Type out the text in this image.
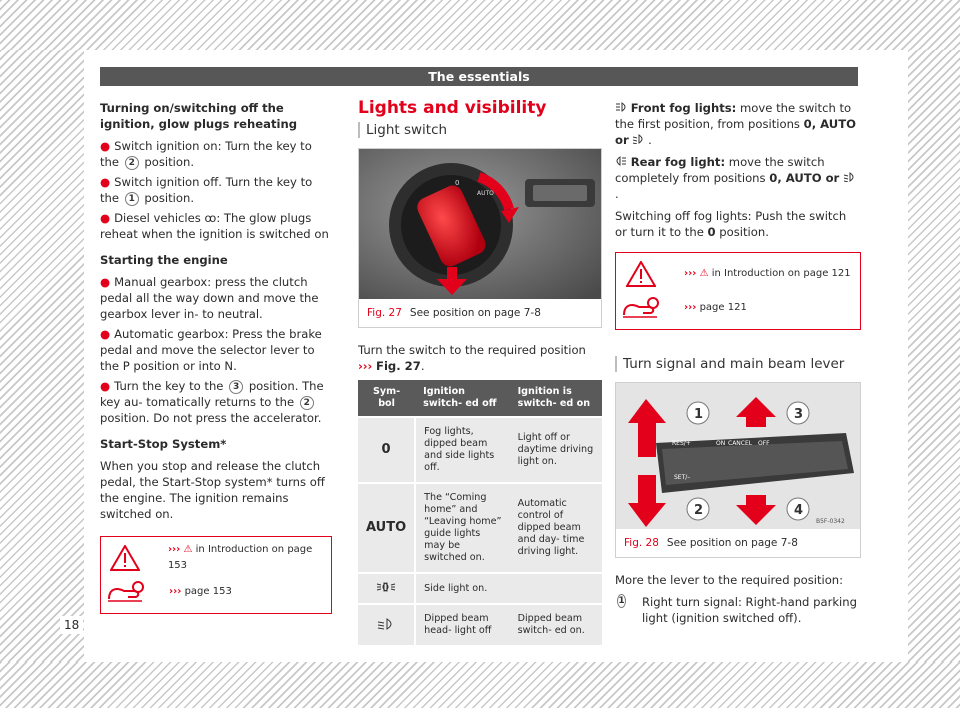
The essentials
18

Turning on/switching off the ignition, glow plugs reheating

● Switch ignition on: Turn the key to the 2 position.
● Switch ignition off. Turn the key to the 1 position.
● Diesel vehicles ꝏ: The glow plugs reheat when the ignition is switched on

Starting the engine

● Manual gearbox: press the clutch pedal all the way down and move the gearbox lever in- to neutral.
● Automatic gearbox: Press the brake pedal and move the selector lever to the P position or into N.
● Turn the key to the 3 position. The key au- tomatically returns to the 2 position. Do not press the accelerator.

Start-Stop System*

When you stop and release the clutch pedal, the Start-Stop system* turns off the engine. The ignition remains switched on.

››› ⚠ in Introduction on page 153
››› page 153
Lights and visibility
Light switch
0
AUTO
Fig. 27 See position on page 7-8

Turn the switch to the required position ››› Fig. 27.

Sym- bol	Ignition switch- ed off	Ignition is switch- ed on
0	Fog lights, dipped beam and side lights off.	Light off or daytime driving light on.
AUTO	The “Coming home” and “Leaving home” guide lights may be switched on.	Automatic control of dipped beam and day- time driving light.
	Side light on.	
	Dipped beam head- light off	Dipped beam switch- ed on.

Front fog lights: move the switch to the first position, from positions 0, AUTO or .

Rear fog light: move the switch completely from positions 0, AUTO or  .

Switching off fog lights: Push the switch or turn it to the 0 position.

››› ⚠ in Introduction on page 121
››› page 121
Turn signal and main beam lever
1
2
3
4
RES/+	ON CANCEL OFF
SET/–
B5F-0342
Fig. 28 See position on page 7-8

More the lever to the required position:

1 Right turn signal: Right-hand parking light (ignition switched off).
